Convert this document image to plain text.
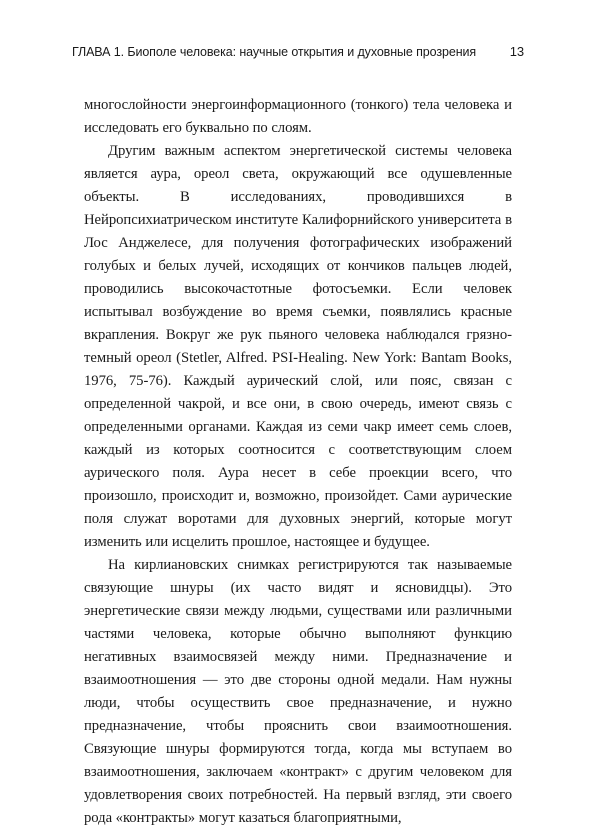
ГЛАВА 1. Биополе человека: научные открытия и духовные прозрения	13

многослойности энергоинформационного (тонкого) тела человека и исследовать его буквально по слоям.

Другим важным аспектом энергетической системы человека является аура, ореол света, окружающий все одушевленные объекты. В исследованиях, проводившихся в Нейропсихиатрическом институте Калифорнийского университета в Лос Анджелесе, для получения фотографических изображений голубых и белых лучей, исходящих от кончиков пальцев людей, проводились высокочастотные фотосъемки. Если человек испытывал возбуждение во время съемки, появлялись красные вкрапления. Вокруг же рук пьяного человека наблюдался грязно-темный ореол (Stetler, Alfred. PSI-Healing. New York: Bantam Books, 1976, 75-76). Каждый аурический слой, или пояс, связан с определенной чакрой, и все они, в свою очередь, имеют связь с определенными органами. Каждая из семи чакр имеет семь слоев, каждый из которых соотносится с соответствующим слоем аурического поля. Аура несет в себе проекции всего, что произошло, происходит и, возможно, произойдет. Сами аурические поля служат воротами для духовных энергий, которые могут изменить или исцелить прошлое, настоящее и будущее.

На кирлиановских снимках регистрируются так называемые связующие шнуры (их часто видят и ясновидцы). Это энергетические связи между людьми, существами или различными частями человека, которые обычно выполняют функцию негативных взаимосвязей между ними. Предназначение и взаимоотношения — это две стороны одной медали. Нам нужны люди, чтобы осуществить свое предназначение, и нужно предназначение, чтобы прояснить свои взаимоотношения. Связующие шнуры формируются тогда, когда мы вступаем во взаимоотношения, заключаем «контракт» с другим человеком для удовлетворения своих потребностей. На первый взгляд, эти своего рода «контракты» могут казаться благоприятными,
